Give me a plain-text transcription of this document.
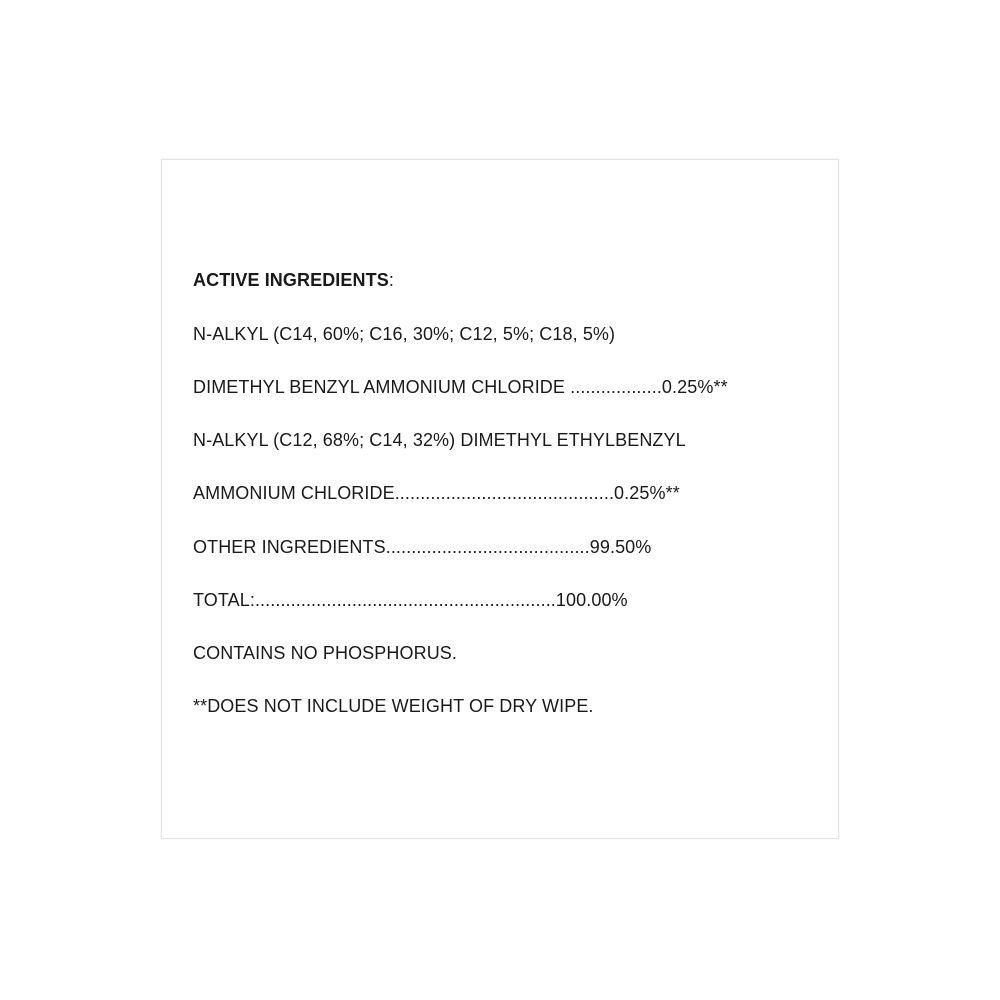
ACTIVE INGREDIENTS:
N-ALKYL (C14, 60%; C16, 30%; C12, 5%; C18, 5%)
DIMETHYL BENZYL AMMONIUM CHLORIDE ..................0.25%**
N-ALKYL (C12, 68%; C14, 32%) DIMETHYL ETHYLBENZYL
AMMONIUM CHLORIDE...........................................0.25%**
OTHER INGREDIENTS........................................99.50%
TOTAL:...........................................................100.00%
CONTAINS NO PHOSPHORUS.
**DOES NOT INCLUDE WEIGHT OF DRY WIPE.
